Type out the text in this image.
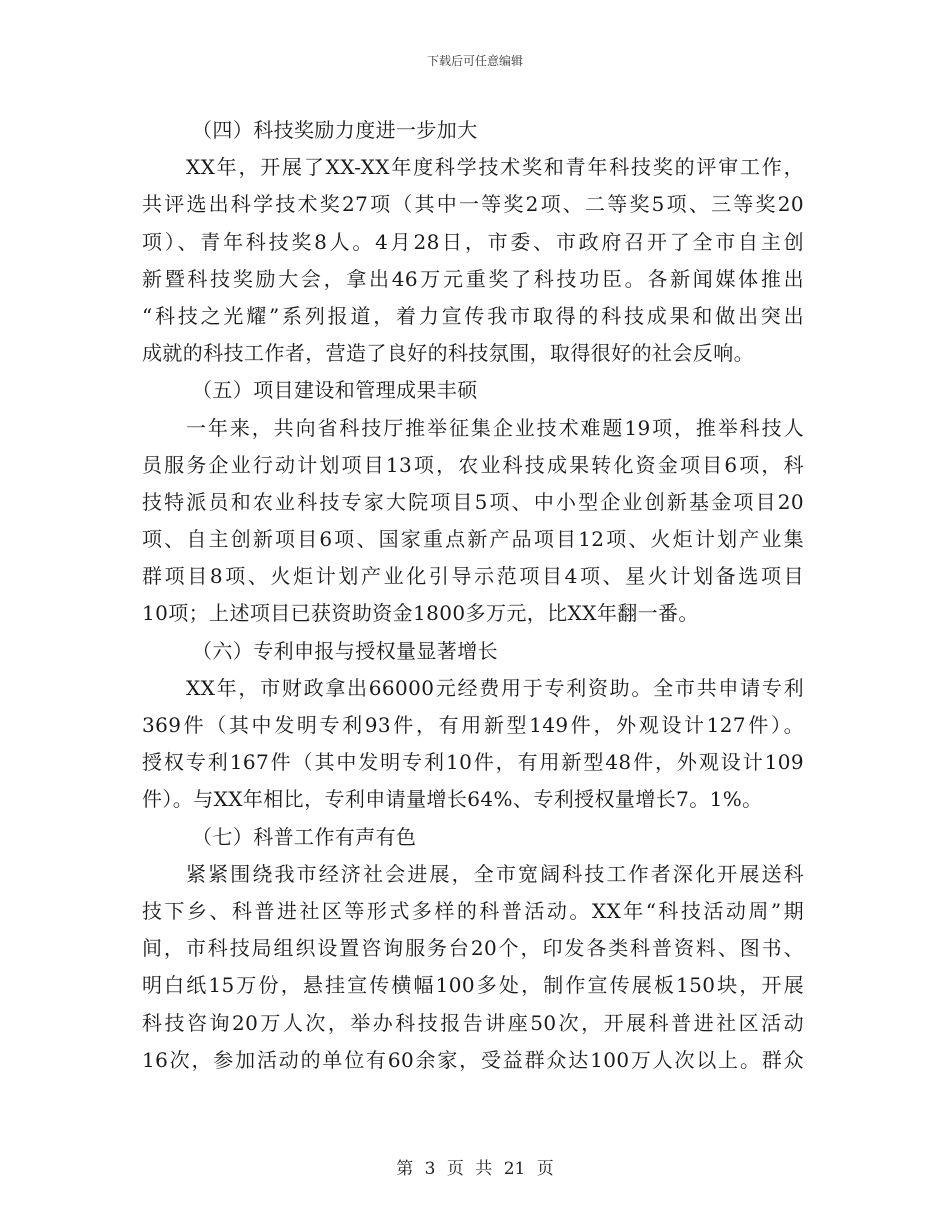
下载后可任意编辑
（四）科技奖励力度进一步加大
XX年，开展了XX-XX年度科学技术奖和青年科技奖的评审工作，
共评选出科学技术奖27项（其中一等奖2项、二等奖5项、三等奖20
项）、青年科技奖8人。4月28日，市委、市政府召开了全市自主创
新暨科技奖励大会，拿出46万元重奖了科技功臣。各新闻媒体推出
“科技之光耀”系列报道，着力宣传我市取得的科技成果和做出突出
成就的科技工作者，营造了良好的科技氛围，取得很好的社会反响。
（五）项目建设和管理成果丰硕
一年来，共向省科技厅推举征集企业技术难题19项，推举科技人
员服务企业行动计划项目13项，农业科技成果转化资金项目6项，科
技特派员和农业科技专家大院项目5项、中小型企业创新基金项目20
项、自主创新项目6项、国家重点新产品项目12项、火炬计划产业集
群项目8项、火炬计划产业化引导示范项目4项、星火计划备选项目
10项；上述项目已获资助资金1800多万元，比XX年翻一番。
（六）专利申报与授权量显著增长
XX年，市财政拿出66000元经费用于专利资助。全市共申请专利
369件（其中发明专利93件，有用新型149件，外观设计127件）。
授权专利167件（其中发明专利10件，有用新型48件，外观设计109
件）。与XX年相比，专利申请量增长64%、专利授权量增长7。1%。
（七）科普工作有声有色
紧紧围绕我市经济社会进展，全市宽阔科技工作者深化开展送科
技下乡、科普进社区等形式多样的科普活动。XX年“科技活动周”期
间，市科技局组织设置咨询服务台20个，印发各类科普资料、图书、
明白纸15万份，悬挂宣传横幅100多处，制作宣传展板150块，开展
科技咨询20万人次，举办科技报告讲座50次，开展科普进社区活动
16次，参加活动的单位有60余家，受益群众达100万人次以上。群众
第 3 页 共 21 页
